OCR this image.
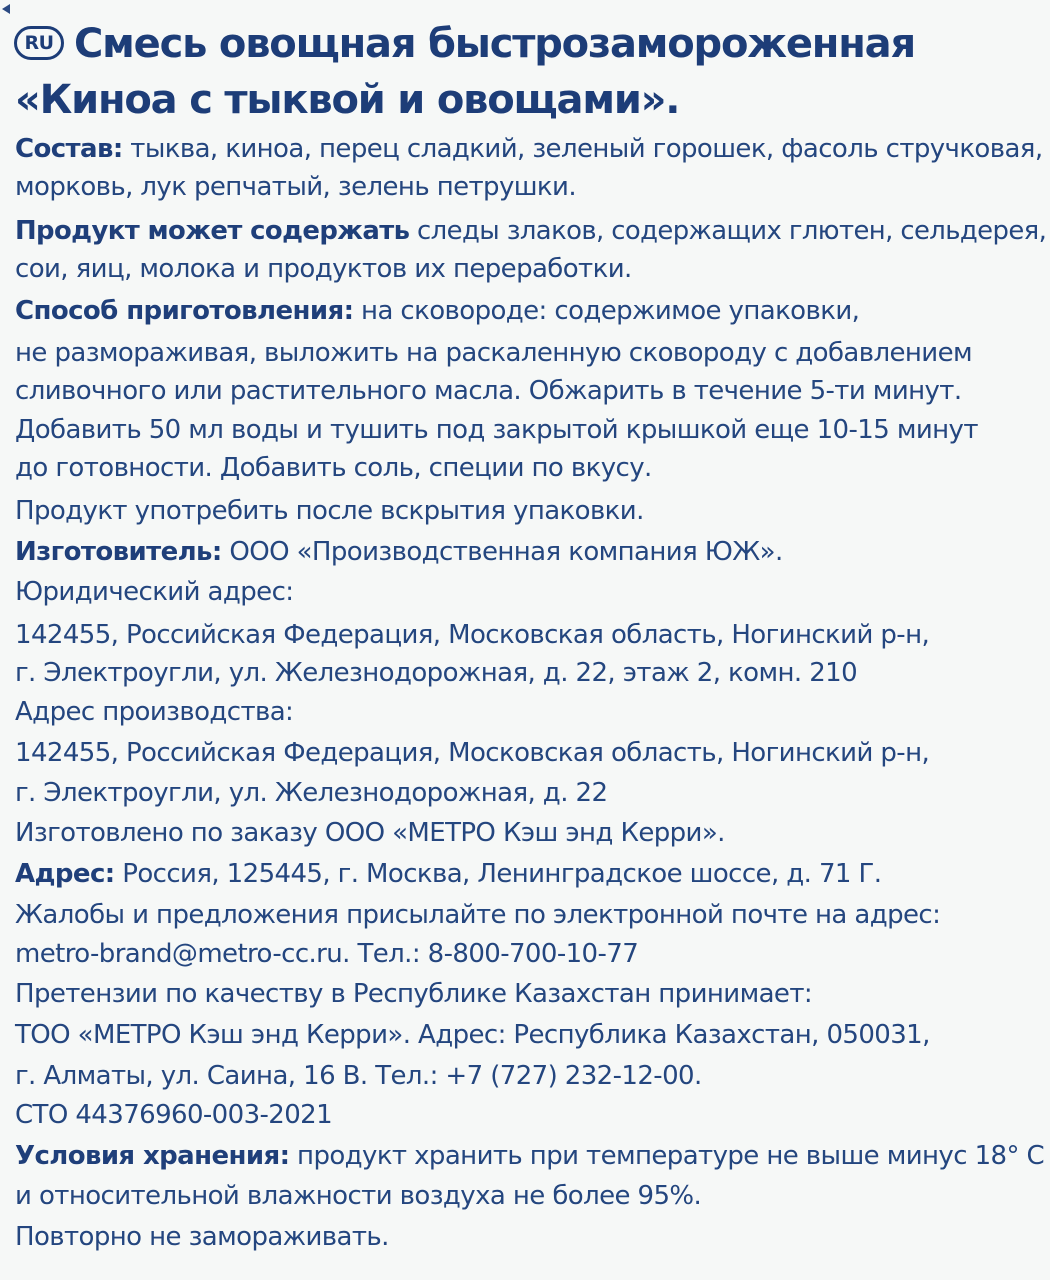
RU Смесь овощная быстрозамороженная
«Киноа с тыквой и овощами».
Состав: тыква, киноа, перец сладкий, зеленый горошек, фасоль стручковая,
морковь, лук репчатый, зелень петрушки.
Продукт может содержать следы злаков, содержащих глютен, сельдерея,
сои, яиц, молока и продуктов их переработки.
Способ приготовления: на сковороде: содержимое упаковки,
не размораживая, выложить на раскаленную сковороду с добавлением
сливочного или растительного масла. Обжарить в течение 5-ти минут.
Добавить 50 мл воды и тушить под закрытой крышкой еще 10-15 минут
до готовности. Добавить соль, специи по вкусу.
Продукт употребить после вскрытия упаковки.
Изготовитель: ООО «Производственная компания ЮЖ».
Юридический адрес:
142455, Российская Федерация, Московская область, Ногинский р-н,
г. Электроугли, ул. Железнодорожная, д. 22, этаж 2, комн. 210
Адрес производства:
142455, Российская Федерация, Московская область, Ногинский р-н,
г. Электроугли, ул. Железнодорожная, д. 22
Изготовлено по заказу ООО «МЕТРО Кэш энд Керри».
Адрес: Россия, 125445, г. Москва, Ленинградское шоссе, д. 71 Г.
Жалобы и предложения присылайте по электронной почте на адрес:
metro-brand@metro-cc.ru. Тел.: 8-800-700-10-77
Претензии по качеству в Республике Казахстан принимает:
ТОО «МЕТРО Кэш энд Керри». Адрес: Республика Казахстан, 050031,
г. Алматы, ул. Саина, 16 В. Тел.: +7 (727) 232-12-00.
СТО 44376960-003-2021
Условия хранения: продукт хранить при температуре не выше минус 18° С
и относительной влажности воздуха не более 95%.
Повторно не замораживать.
